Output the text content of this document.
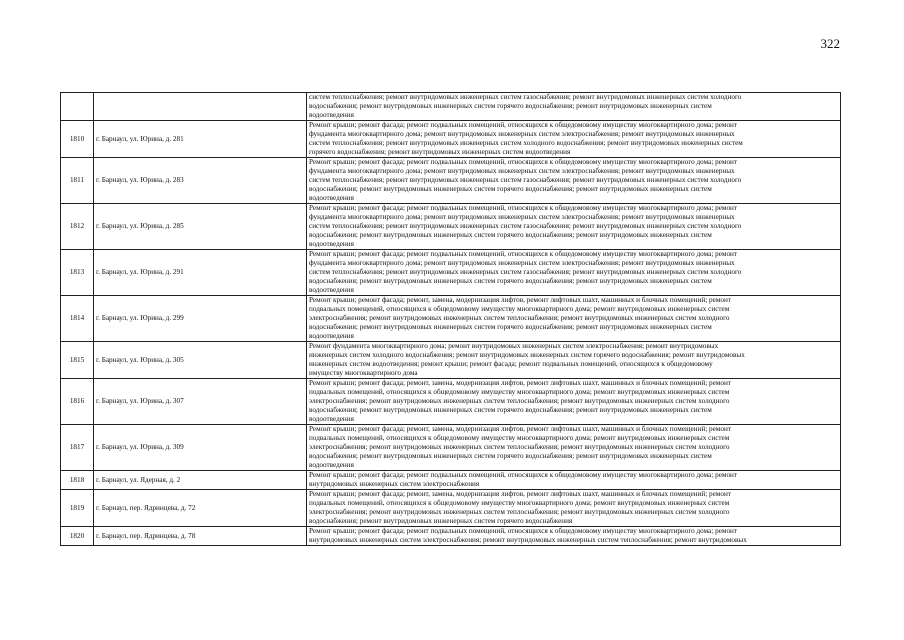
322

		систем теплоснабжения; ремонт внутридомовых инженерных систем газоснабжения; ремонт внутридомовых инженерных систем холодного
водоснабжения; ремонт внутридомовых инженерных систем горячего водоснабжения; ремонт внутридомовых инженерных систем
водоотведения

1810	г. Барнаул, ул. Юрина, д. 281	Ремонт крыши; ремонт фасада; ремонт подвальных помещений, относящихся к общедомовому имуществу многоквартирного дома; ремонт
фундамента многоквартирного дома; ремонт внутридомовых инженерных систем электроснабжения; ремонт внутридомовых инженерных
систем теплоснабжения; ремонт внутридомовых инженерных систем холодного водоснабжения; ремонт внутридомовых инженерных систем
горячего водоснабжения; ремонт внутридомовых инженерных систем водоотведения

1811	г. Барнаул, ул. Юрина, д. 283	Ремонт крыши; ремонт фасада; ремонт подвальных помещений, относящихся к общедомовому имуществу многоквартирного дома; ремонт
фундамента многоквартирного дома; ремонт внутридомовых инженерных систем электроснабжения; ремонт внутридомовых инженерных
систем теплоснабжения; ремонт внутридомовых инженерных систем газоснабжения; ремонт внутридомовых инженерных систем холодного
водоснабжения; ремонт внутридомовых инженерных систем горячего водоснабжения; ремонт внутридомовых инженерных систем
водоотведения

1812	г. Барнаул, ул. Юрина, д. 285	Ремонт крыши; ремонт фасада; ремонт подвальных помещений, относящихся к общедомовому имуществу многоквартирного дома; ремонт
фундамента многоквартирного дома; ремонт внутридомовых инженерных систем электроснабжения; ремонт внутридомовых инженерных
систем теплоснабжения; ремонт внутридомовых инженерных систем газоснабжения; ремонт внутридомовых инженерных систем холодного
водоснабжения; ремонт внутридомовых инженерных систем горячего водоснабжения; ремонт внутридомовых инженерных систем
водоотведения

1813	г. Барнаул, ул. Юрина, д. 291	Ремонт крыши; ремонт фасада; ремонт подвальных помещений, относящихся к общедомовому имуществу многоквартирного дома; ремонт
фундамента многоквартирного дома; ремонт внутридомовых инженерных систем электроснабжения; ремонт внутридомовых инженерных
систем теплоснабжения; ремонт внутридомовых инженерных систем газоснабжения; ремонт внутридомовых инженерных систем холодного
водоснабжения; ремонт внутридомовых инженерных систем горячего водоснабжения; ремонт внутридомовых инженерных систем
водоотведения

1814	г. Барнаул, ул. Юрина, д. 299	Ремонт крыши; ремонт фасада; ремонт, замена, модернизация лифтов, ремонт лифтовых шахт, машинных и блочных помещений; ремонт
подвальных помещений, относящихся к общедомовому имуществу многоквартирного дома; ремонт внутридомовых инженерных систем
электроснабжения; ремонт внутридомовых инженерных систем теплоснабжения; ремонт внутридомовых инженерных систем холодного
водоснабжения; ремонт внутридомовых инженерных систем горячего водоснабжения; ремонт внутридомовых инженерных систем
водоотведения

1815	г. Барнаул, ул. Юрина, д. 305	Ремонт фундамента многоквартирного дома; ремонт внутридомовых инженерных систем электроснабжения; ремонт внутридомовых
инженерных систем холодного водоснабжения; ремонт внутридомовых инженерных систем горячего водоснабжения; ремонт внутридомовых
инженерных систем водоотведения; ремонт крыши; ремонт фасада; ремонт подвальных помещений, относящихся к общедомовому
имуществу многоквартирного дома

1816	г. Барнаул, ул. Юрина, д. 307	Ремонт крыши; ремонт фасада; ремонт, замена, модернизация лифтов, ремонт лифтовых шахт, машинных и блочных помещений; ремонт
подвальных помещений, относящихся к общедомовому имуществу многоквартирного дома; ремонт внутридомовых инженерных систем
электроснабжения; ремонт внутридомовых инженерных систем теплоснабжения; ремонт внутридомовых инженерных систем холодного
водоснабжения; ремонт внутридомовых инженерных систем горячего водоснабжения; ремонт внутридомовых инженерных систем
водоотведения

1817	г. Барнаул, ул. Юрина, д. 309	Ремонт крыши; ремонт фасада; ремонт, замена, модернизация лифтов, ремонт лифтовых шахт, машинных и блочных помещений; ремонт
подвальных помещений, относящихся к общедомовому имуществу многоквартирного дома; ремонт внутридомовых инженерных систем
электроснабжения; ремонт внутридомовых инженерных систем теплоснабжения; ремонт внутридомовых инженерных систем холодного
водоснабжения; ремонт внутридомовых инженерных систем горячего водоснабжения; ремонт внутридомовых инженерных систем
водоотведения

1818	г. Барнаул, ул. Ядерная, д. 2	Ремонт крыши; ремонт фасада; ремонт подвальных помещений, относящихся к общедомовому имуществу многоквартирного дома; ремонт
внутридомовых инженерных систем электроснабжения

1819	г. Барнаул, пер. Ядринцева, д. 72	Ремонт крыши; ремонт фасада; ремонт, замена, модернизация лифтов, ремонт лифтовых шахт, машинных и блочных помещений; ремонт
подвальных помещений, относящихся к общедомовому имуществу многоквартирного дома; ремонт внутридомовых инженерных систем
электроснабжения; ремонт внутридомовых инженерных систем теплоснабжения; ремонт внутридомовых инженерных систем холодного
водоснабжения; ремонт внутридомовых инженерных систем горячего водоснабжения

1820	г. Барнаул, пер. Ядринцева, д. 78	Ремонт крыши; ремонт фасада; ремонт подвальных помещений, относящихся к общедомовому имуществу многоквартирного дома; ремонт
внутридомовых инженерных систем электроснабжения; ремонт внутридомовых инженерных систем теплоснабжения; ремонт внутридомовых
